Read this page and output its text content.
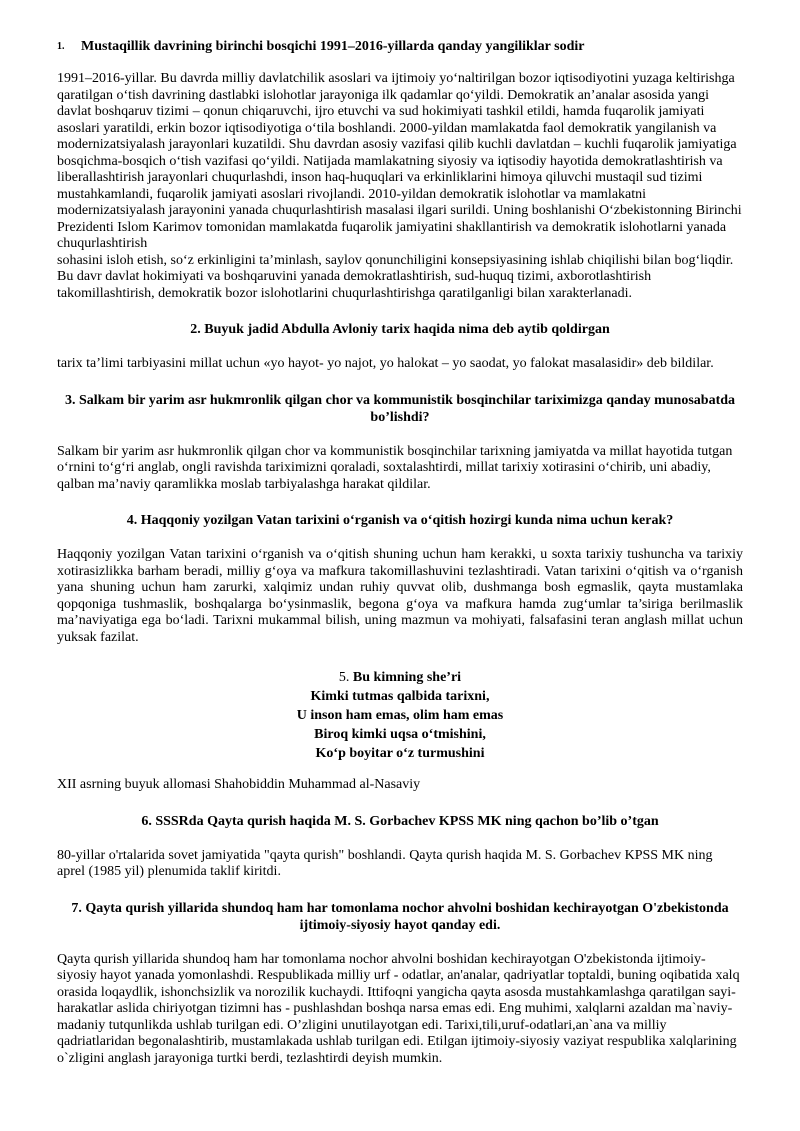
1. Mustaqillik davrining birinchi bosqichi 1991–2016-yillarda qanday yangiliklar sodir

1991–2016-yillar. Bu davrda milliy davlatchilik asoslari va ijtimoiy yo‘naltirilgan bozor iqtisodiyotini yuzaga keltirishga qaratilgan o‘tish davrining dastlabki islohotlar jarayoniga ilk qadamlar qo‘yildi. Demokratik an’analar asosida yangi davlat boshqaruv tizimi – qonun chiqaruvchi, ijro etuvchi va sud hokimiyati tashkil etildi, hamda fuqarolik jamiyati asoslari yaratildi, erkin bozor iqtisodiyotiga o‘tila boshlandi. 2000-yildan mamlakatda faol demokratik yangilanish va modernizatsiyalash jarayonlari kuzatildi. Shu davrdan asosiy vazifasi qilib kuchli davlatdan – kuchli fuqarolik jamiyatiga bosqichma-bosqich o‘tish vazifasi qo‘yildi. Natijada mamlakatning siyosiy va iqtisodiy hayotida demokratlashtirish va liberallashtirish jarayonlari chuqurlashdi, inson haq-huquqlari va erkinliklarini himoya qiluvchi mustaqil sud tizimi mustahkamlandi, fuqarolik jamiyati asoslari rivojlandi. 2010-yildan demokratik islohotlar va mamlakatni modernizatsiyalash jarayonini yanada chuqurlashtirish masalasi ilgari surildi. Uning boshlanishi O‘zbekistonning Birinchi Prezidenti Islom Karimov tomonidan mamlakatda fuqarolik jamiyatini shakllantirish va demokratik islohotlarni yanada chuqurlashtirish

sohasini isloh etish, so‘z erkinligini ta’minlash, saylov qonunchiligini konsepsiyasining ishlab chiqilishi bilan bog‘liqdir. Bu davr davlat hokimiyati va boshqaruvini yanada demokratlashtirish, sud-huquq tizimi, axborotlashtirish takomillashtirish, demokratik bozor islohotlarini chuqurlashtirishga qaratilganligi bilan xarakterlanadi.

2. Buyuk jadid Abdulla Avloniy tarix haqida nima deb aytib qoldirgan

tarix ta’limi tarbiyasini millat uchun «yo hayot- yo najot, yo halokat – yo saodat, yo falokat masalasidir» deb bildilar.

3. Salkam bir yarim asr hukmronlik qilgan chor va kommunistik bosqinchilar tariximizga qanday munosabatda bo’lishdi?

Salkam bir yarim asr hukmronlik qilgan chor va kommunistik bosqinchilar tarixning jamiyatda va millat hayotida tutgan o‘rnini to‘g‘ri anglab, ongli ravishda tariximizni qoraladi, soxtalashtirdi, millat tarixiy xotirasini o‘chirib, uni abadiy, qalban ma’naviy qaramlikka moslab tarbiyalashga harakat qildilar.

4. Haqqoniy yozilgan Vatan tarixini o‘rganish va o‘qitish hozirgi kunda nima uchun kerak?

Haqqoniy yozilgan Vatan tarixini o‘rganish va o‘qitish shuning uchun ham kerakki, u soxta tarixiy tushuncha va tarixiy xotirasizlikka barham beradi, milliy g‘oya va mafkura takomillashuvini tezlashtiradi. Vatan tarixini o‘qitish va o‘rganish yana shuning uchun ham zarurki, xalqimiz undan ruhiy quvvat olib, dushmanga bosh egmaslik, qayta mustamlaka qopqoniga tushmaslik, boshqalarga bo‘ysinmaslik, begona g‘oya va mafkura hamda zug‘umlar ta’siriga berilmaslik ma’naviyatiga ega bo‘ladi. Tarixni mukammal bilish, uning mazmun va mohiyati, falsafasini teran anglash millat uchun yuksak fazilat.

5. Bu kimning she’ri
Kimki tutmas qalbida tarixni,
U inson ham emas, olim ham emas
Biroq kimki uqsa o‘tmishini,
Ko‘p boyitar o‘z turmushini

XII asrning buyuk allomasi Shahobiddin Muhammad al-Nasaviy

6. SSSRda Qayta qurish haqida M. S. Gorbachev KPSS MK ning qachon bo’lib o’tgan

80-yillar o'rtalarida sovet jamiyatida "qayta qurish" boshlandi. Qayta qurish haqida M. S. Gorbachev KPSS MK ning aprel (1985 yil) plenumida taklif kiritdi.

7. Qayta qurish yillarida shundoq ham har tomonlama nochor ahvolni boshidan kechirayotgan O'zbekistonda ijtimoiy-siyosiy hayot qanday edi.

Qayta qurish yillarida shundoq ham har tomonlama nochor ahvolni boshidan kechirayotgan O'zbekistonda ijtimoiy-siyosiy hayot yanada yomonlashdi. Respublikada milliy urf - odatlar, an'analar, qadriyatlar toptaldi, buning oqibatida xalq orasida loqaydlik, ishonchsizlik va norozilik kuchaydi. Ittifoqni yangicha qayta asosda mustahkamlashga qaratilgan sayi-harakatlar aslida chiriyotgan tizimni has - pushlashdan boshqa narsa emas edi. Eng muhimi, xalqlarni azaldan ma`naviy-madaniy tutqunlikda ushlab turilgan edi. O’zligini unutilayotgan edi. Tarixi,tili,uruf-odatlari,an`ana va milliy qadriatlaridan begonalashtirib, mustamlakada ushlab turilgan edi. Etilgan ijtimoiy-siyosiy vaziyat respublika xalqlarining o`zligini anglash jarayoniga turtki berdi, tezlashtirdi deyish mumkin.
